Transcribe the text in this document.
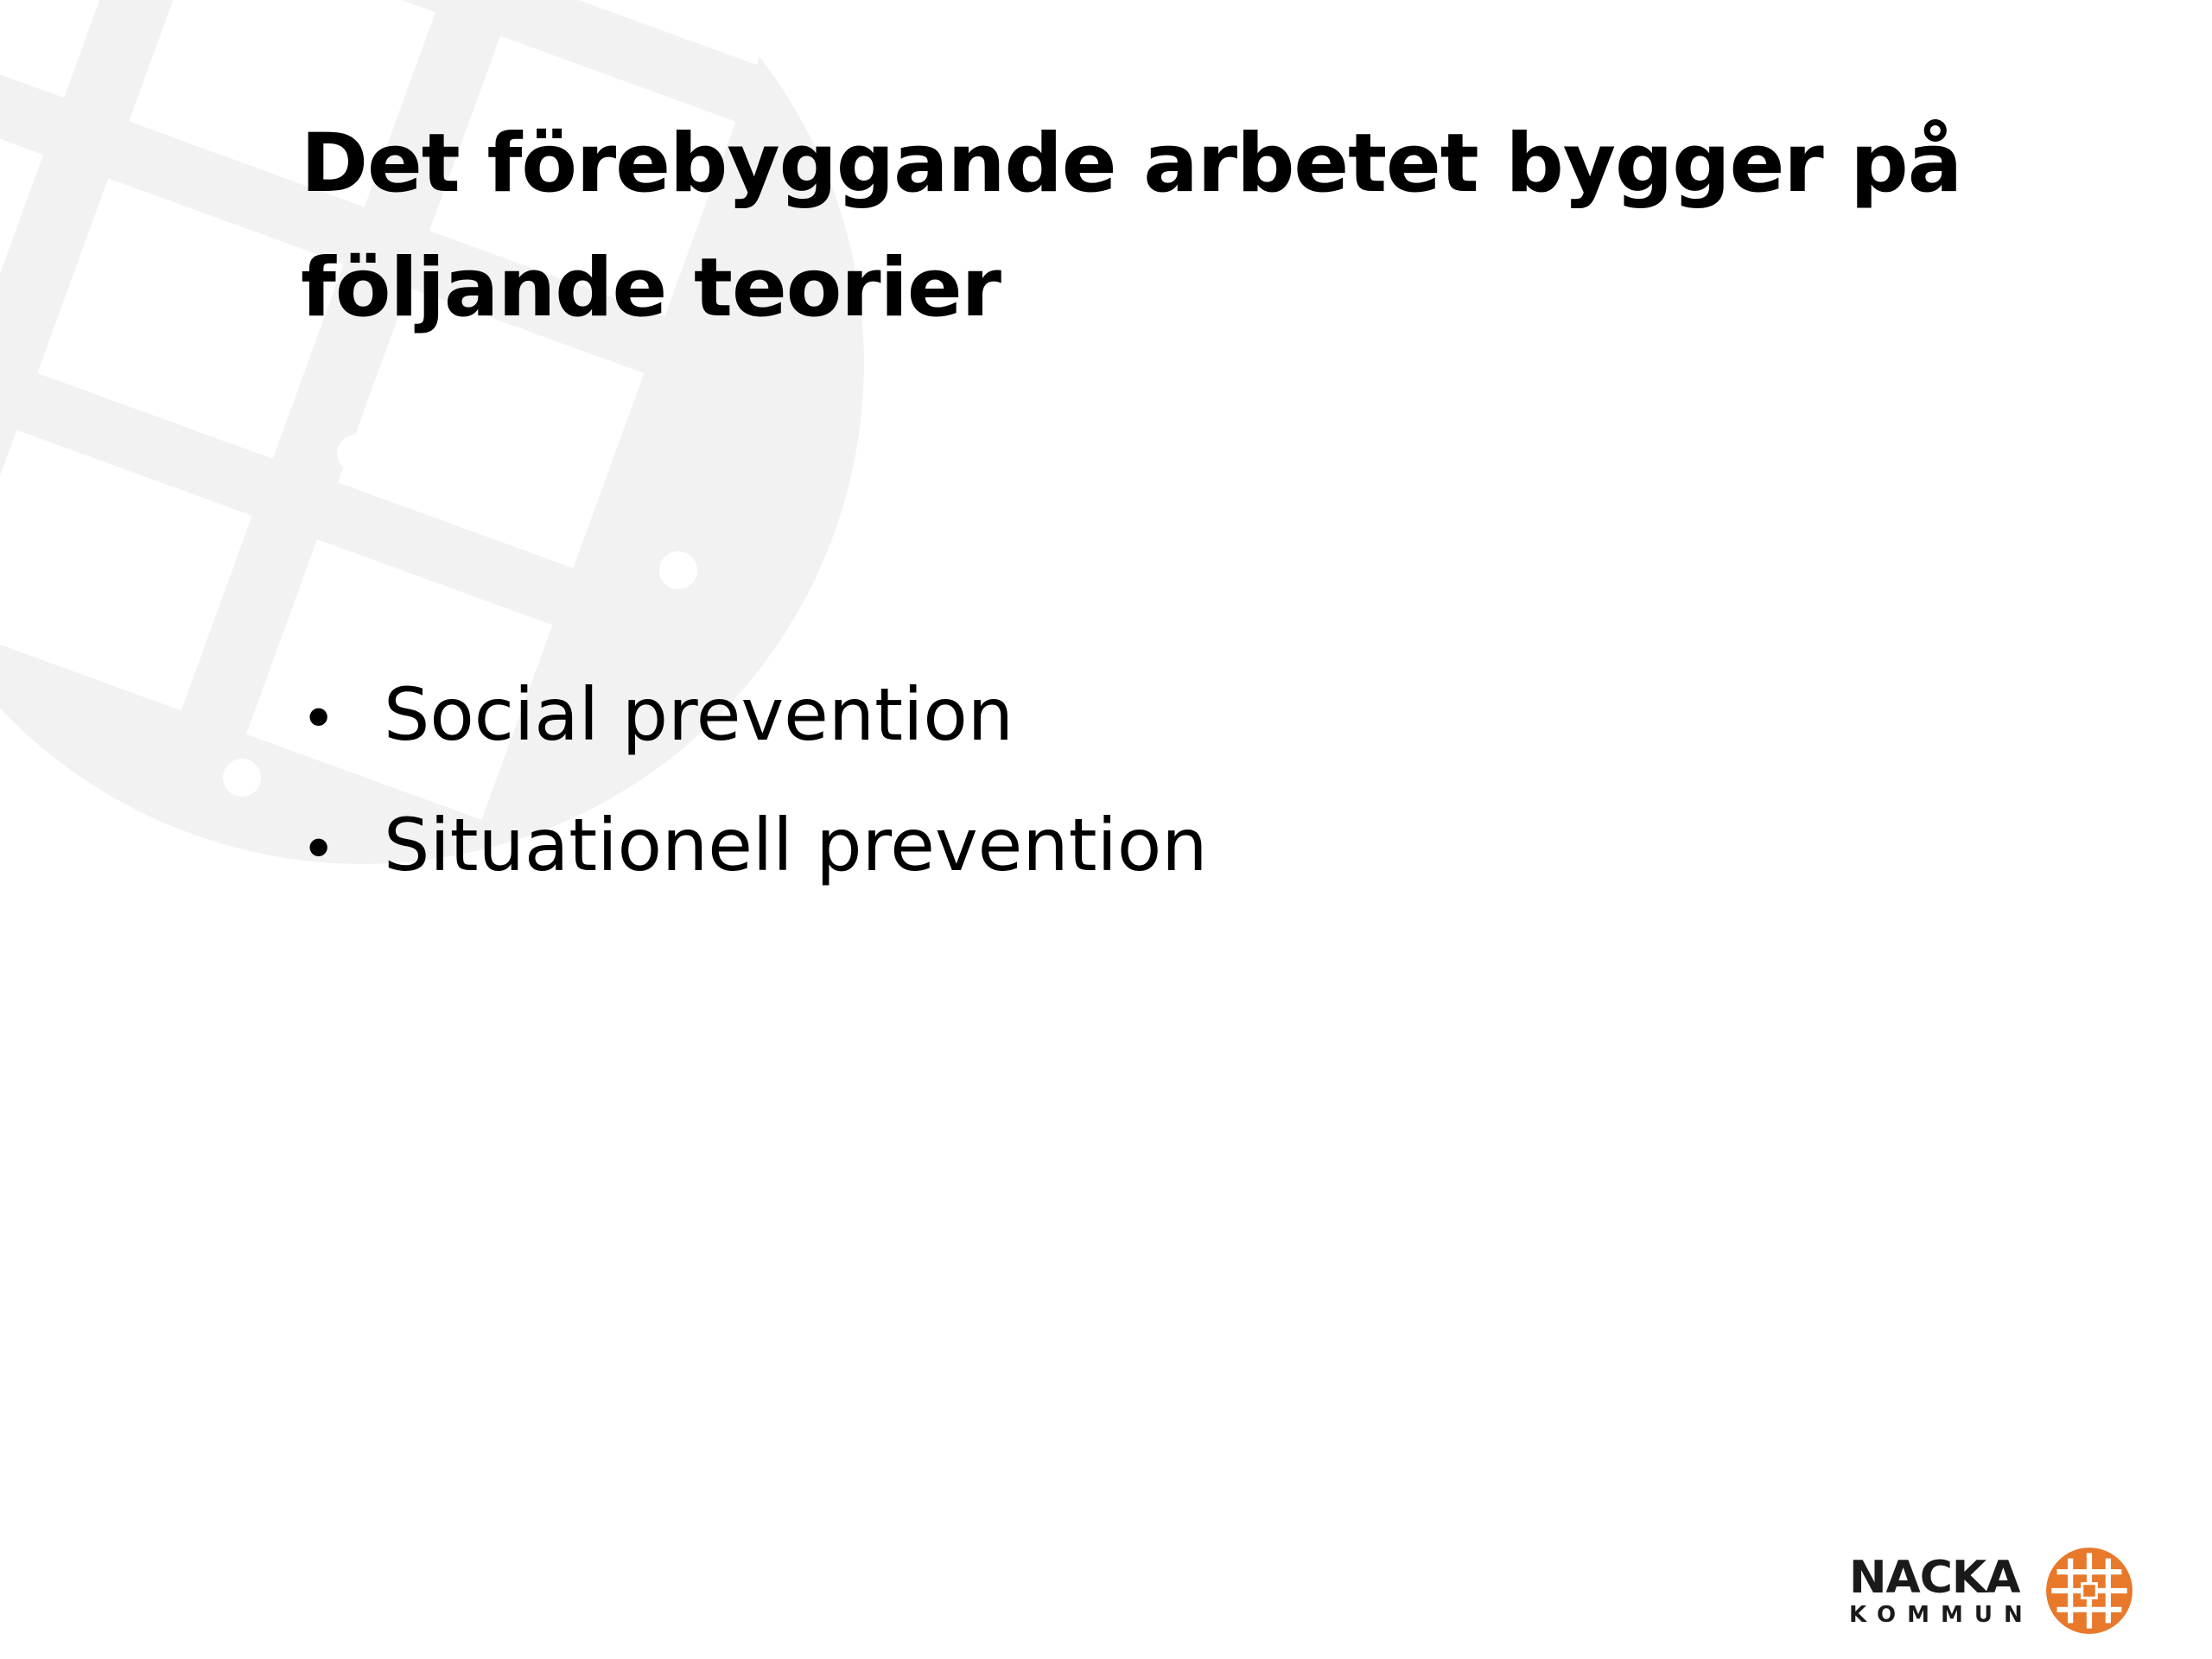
Det förebyggande arbetet bygger på
följande teorier
• Social prevention
• Situationell prevention
NACKA
KOMMUN
